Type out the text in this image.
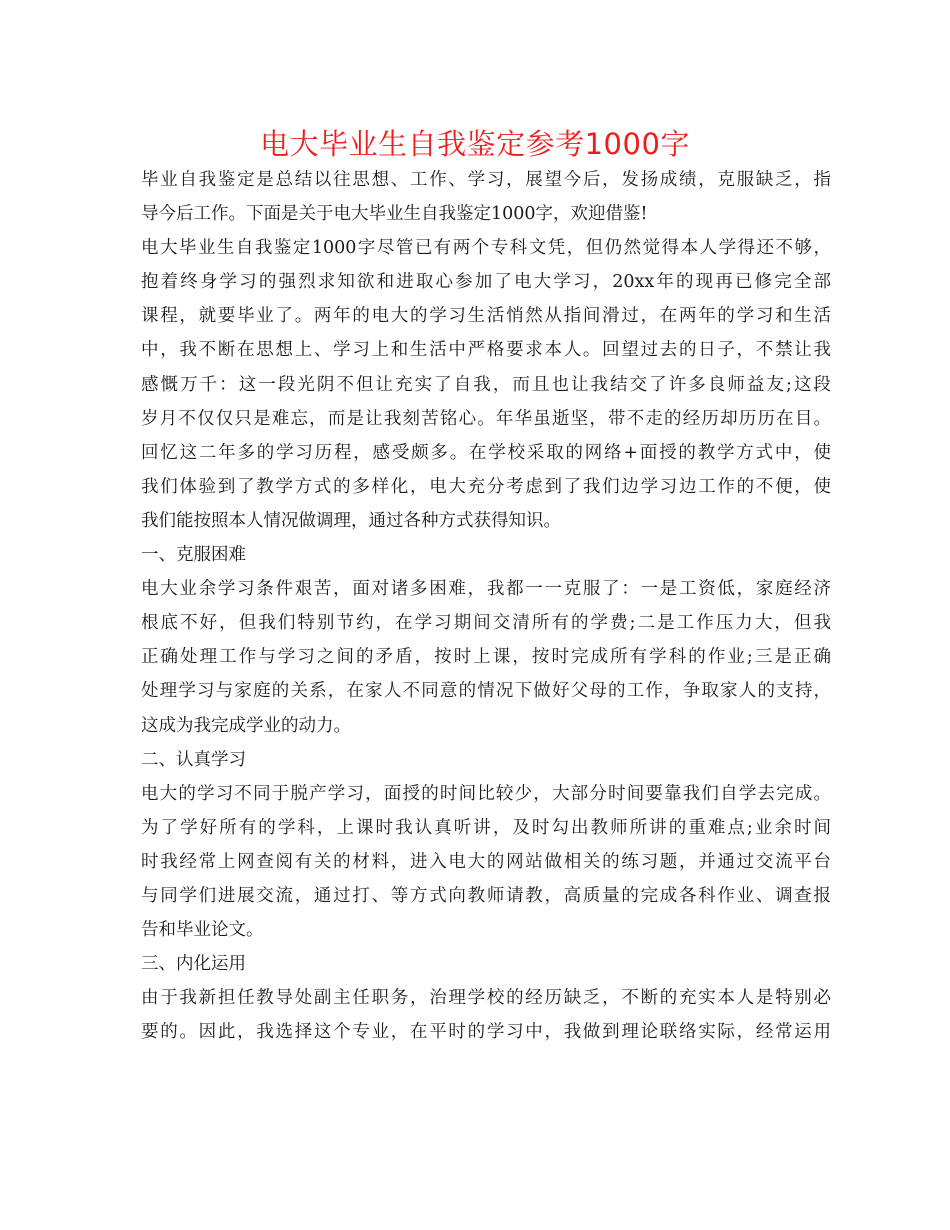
电大毕业生自我鉴定参考1000字
毕业自我鉴定是总结以往思想、工作、学习，展望今后，发扬成绩，克服缺乏，指
导今后工作。下面是关于电大毕业生自我鉴定1000字，欢迎借鉴!
电大毕业生自我鉴定1000字尽管已有两个专科文凭，但仍然觉得本人学得还不够，
抱着终身学习的强烈求知欲和进取心参加了电大学习，20xx年的现再已修完全部
课程，就要毕业了。两年的电大的学习生活悄然从指间滑过，在两年的学习和生活
中，我不断在思想上、学习上和生活中严格要求本人。回望过去的日子，不禁让我
感慨万千：这一段光阴不但让充实了自我，而且也让我结交了许多良师益友;这段
岁月不仅仅只是难忘，而是让我刻苦铭心。年华虽逝坚，带不走的经历却历历在目。
回忆这二年多的学习历程，感受颇多。在学校采取的网络+面授的教学方式中，使
我们体验到了教学方式的多样化，电大充分考虑到了我们边学习边工作的不便，使
我们能按照本人情况做调理，通过各种方式获得知识。
一、克服困难
电大业余学习条件艰苦，面对诸多困难，我都一一克服了：一是工资低，家庭经济
根底不好，但我们特别节约，在学习期间交清所有的学费;二是工作压力大，但我
正确处理工作与学习之间的矛盾，按时上课，按时完成所有学科的作业;三是正确
处理学习与家庭的关系，在家人不同意的情况下做好父母的工作，争取家人的支持，
这成为我完成学业的动力。
二、认真学习
电大的学习不同于脱产学习，面授的时间比较少，大部分时间要靠我们自学去完成。
为了学好所有的学科，上课时我认真听讲，及时勾出教师所讲的重难点;业余时间
时我经常上网查阅有关的材料，进入电大的网站做相关的练习题，并通过交流平台
与同学们进展交流，通过打、等方式向教师请教，高质量的完成各科作业、调查报
告和毕业论文。
三、内化运用
由于我新担任教导处副主任职务，治理学校的经历缺乏，不断的充实本人是特别必
要的。因此，我选择这个专业，在平时的学习中，我做到理论联络实际，经常运用
